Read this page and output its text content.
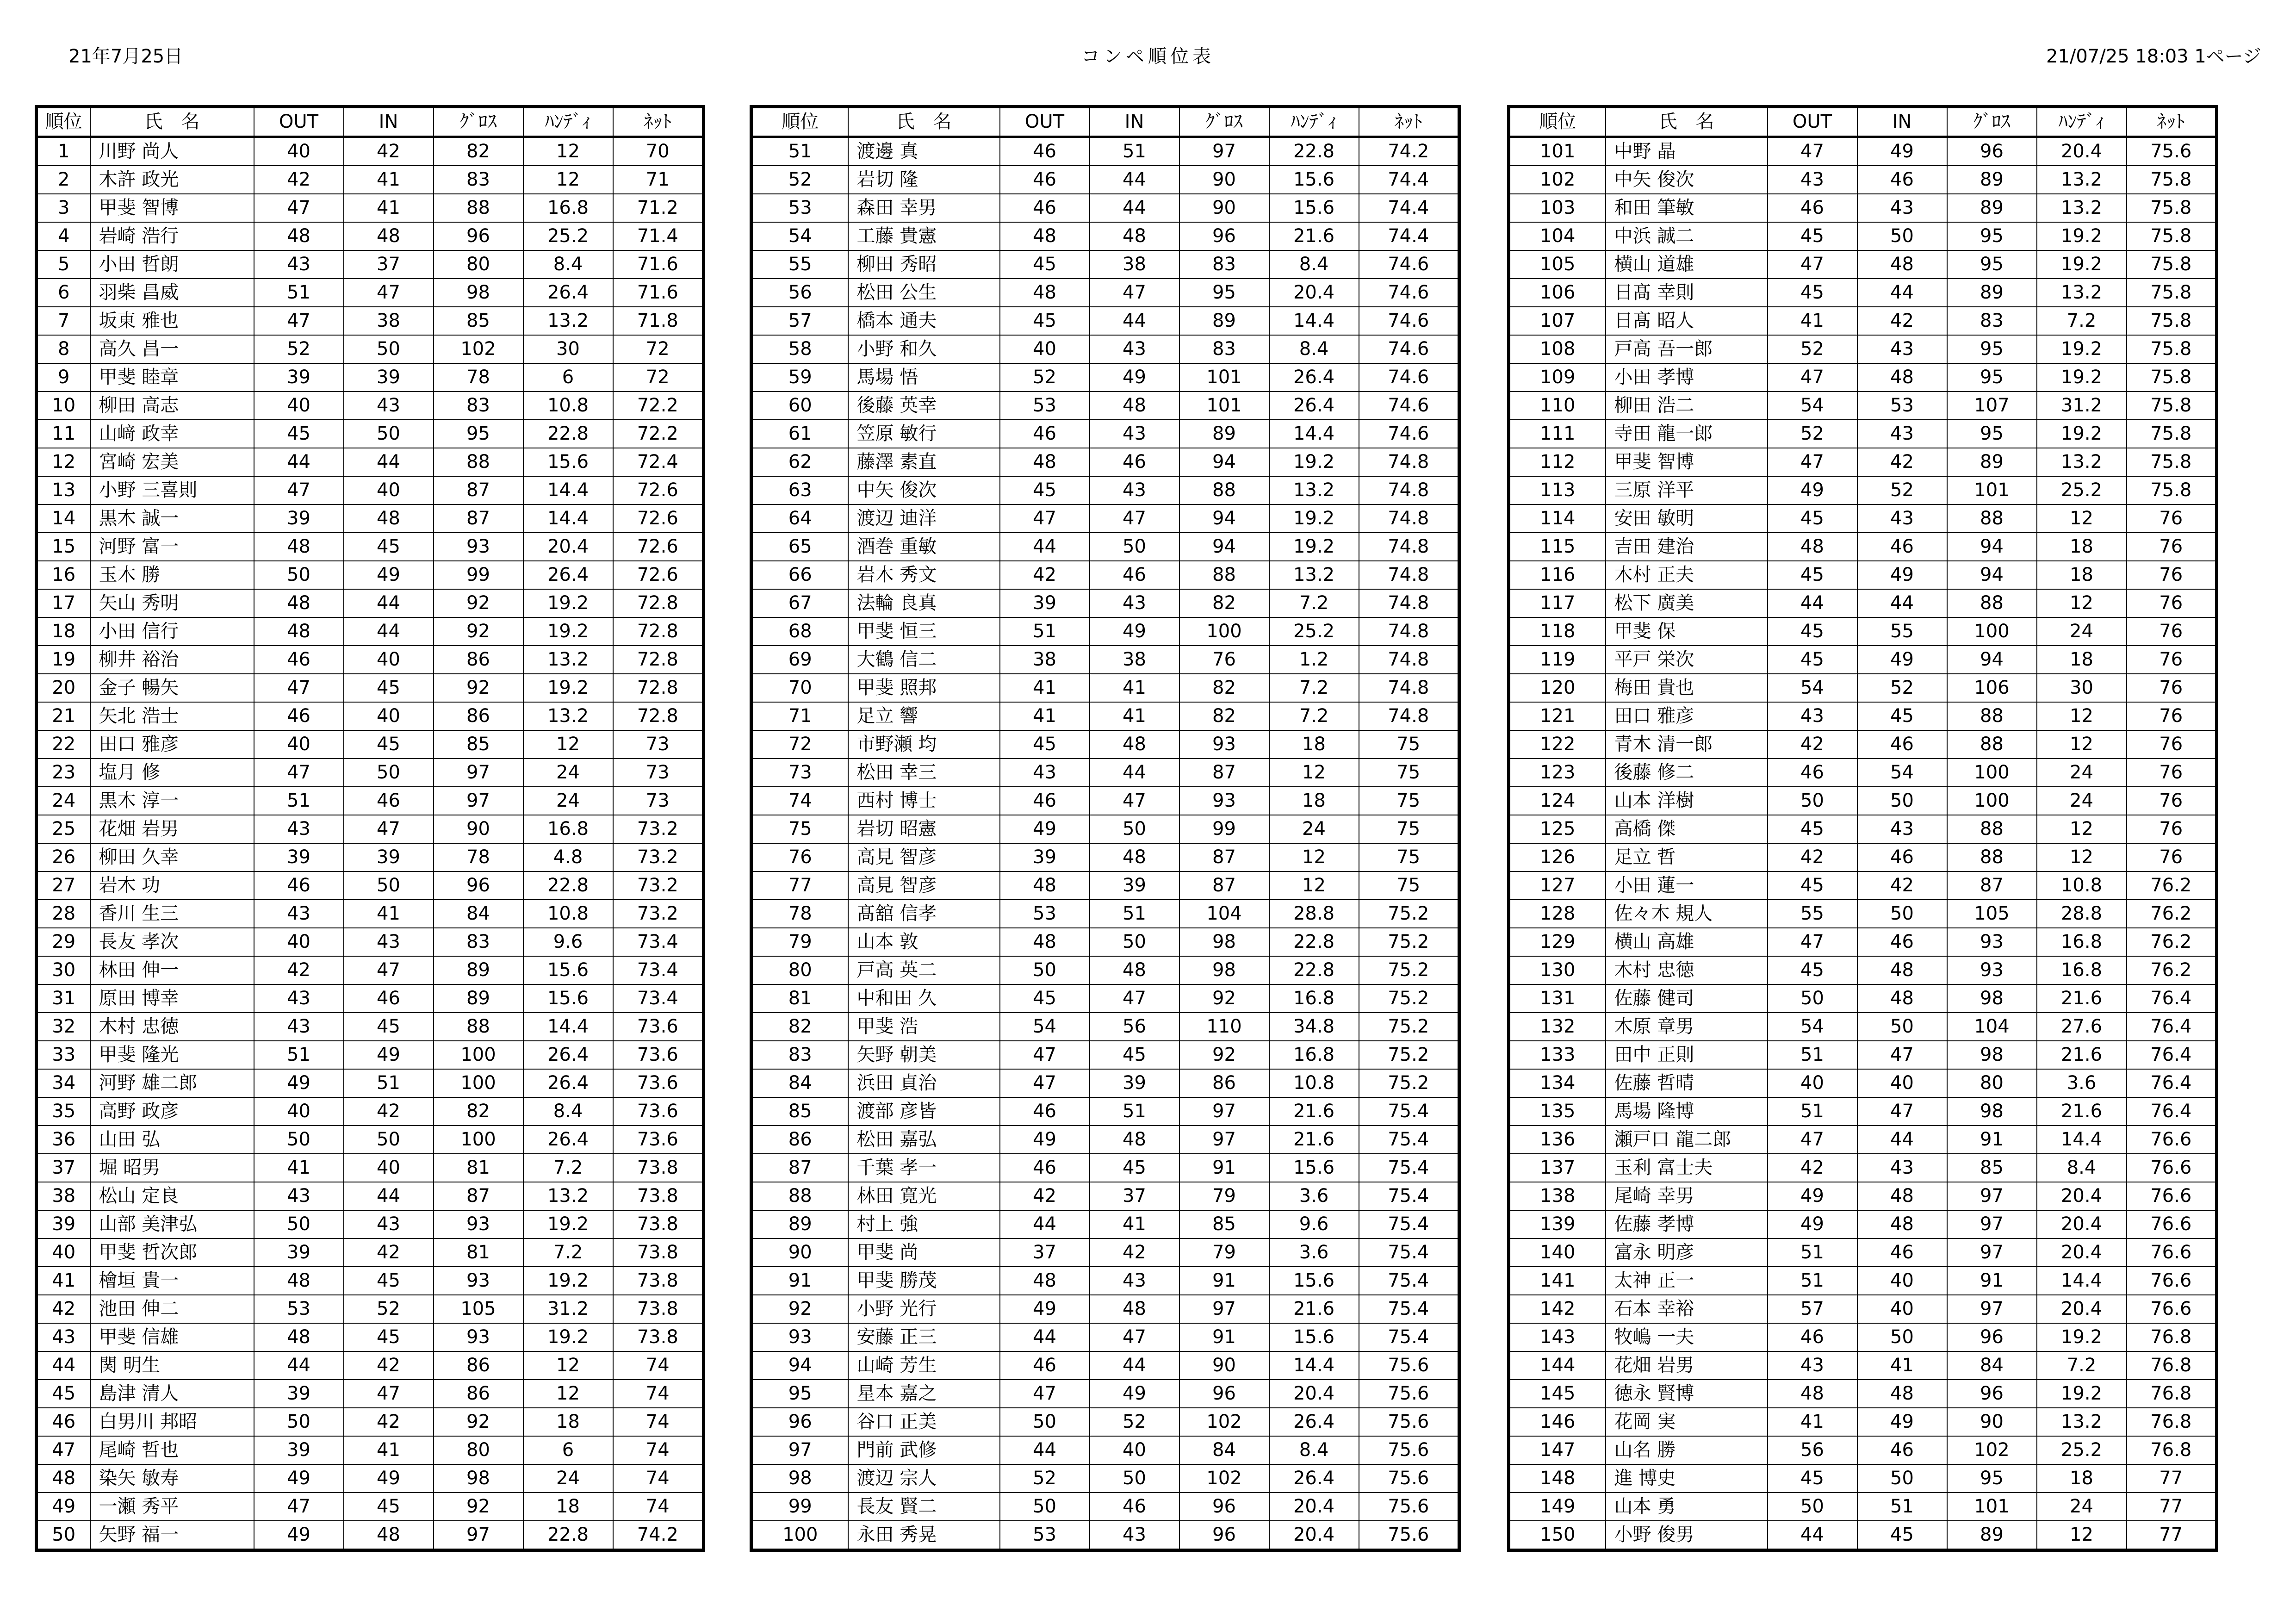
21年7月25日	コンペ順位表	21/07/25 18:03 1ページ
順位	氏　名	OUT	IN	ｸﾞﾛｽ	ﾊﾝﾃﾞｨ	ﾈｯﾄ
1	川野 尚人	40	42	82	12	70
2	木許 政光	42	41	83	12	71
3	甲斐 智博	47	41	88	16.8	71.2
4	岩崎 浩行	48	48	96	25.2	71.4
5	小田 哲朗	43	37	80	8.4	71.6
6	羽柴 昌威	51	47	98	26.4	71.6
7	坂東 雅也	47	38	85	13.2	71.8
8	高久 昌一	52	50	102	30	72
9	甲斐 睦章	39	39	78	6	72
10	柳田 高志	40	43	83	10.8	72.2
11	山﨑 政幸	45	50	95	22.8	72.2
12	宮崎 宏美	44	44	88	15.6	72.4
13	小野 三喜則	47	40	87	14.4	72.6
14	黒木 誠一	39	48	87	14.4	72.6
15	河野 富一	48	45	93	20.4	72.6
16	玉木 勝	50	49	99	26.4	72.6
17	矢山 秀明	48	44	92	19.2	72.8
18	小田 信行	48	44	92	19.2	72.8
19	柳井 裕治	46	40	86	13.2	72.8
20	金子 暢矢	47	45	92	19.2	72.8
21	矢北 浩士	46	40	86	13.2	72.8
22	田口 雅彦	40	45	85	12	73
23	塩月 修	47	50	97	24	73
24	黒木 淳一	51	46	97	24	73
25	花畑 岩男	43	47	90	16.8	73.2
26	柳田 久幸	39	39	78	4.8	73.2
27	岩木 功	46	50	96	22.8	73.2
28	香川 生三	43	41	84	10.8	73.2
29	長友 孝次	40	43	83	9.6	73.4
30	林田 伸一	42	47	89	15.6	73.4
31	原田 博幸	43	46	89	15.6	73.4
32	木村 忠徳	43	45	88	14.4	73.6
33	甲斐 隆光	51	49	100	26.4	73.6
34	河野 雄二郎	49	51	100	26.4	73.6
35	高野 政彦	40	42	82	8.4	73.6
36	山田 弘	50	50	100	26.4	73.6
37	堀 昭男	41	40	81	7.2	73.8
38	松山 定良	43	44	87	13.2	73.8
39	山部 美津弘	50	43	93	19.2	73.8
40	甲斐 哲次郎	39	42	81	7.2	73.8
41	檜垣 貴一	48	45	93	19.2	73.8
42	池田 伸二	53	52	105	31.2	73.8
43	甲斐 信雄	48	45	93	19.2	73.8
44	関 明生	44	42	86	12	74
45	島津 清人	39	47	86	12	74
46	白男川 邦昭	50	42	92	18	74
47	尾崎 哲也	39	41	80	6	74
48	染矢 敏寿	49	49	98	24	74
49	一瀬 秀平	47	45	92	18	74
50	矢野 福一	49	48	97	22.8	74.2
順位	氏　名	OUT	IN	ｸﾞﾛｽ	ﾊﾝﾃﾞｨ	ﾈｯﾄ
51	渡邊 真	46	51	97	22.8	74.2
52	岩切 隆	46	44	90	15.6	74.4
53	森田 幸男	46	44	90	15.6	74.4
54	工藤 貴憲	48	48	96	21.6	74.4
55	柳田 秀昭	45	38	83	8.4	74.6
56	松田 公生	48	47	95	20.4	74.6
57	橋本 通夫	45	44	89	14.4	74.6
58	小野 和久	40	43	83	8.4	74.6
59	馬場 悟	52	49	101	26.4	74.6
60	後藤 英幸	53	48	101	26.4	74.6
61	笠原 敏行	46	43	89	14.4	74.6
62	藤澤 素直	48	46	94	19.2	74.8
63	中矢 俊次	45	43	88	13.2	74.8
64	渡辺 迪洋	47	47	94	19.2	74.8
65	酒巻 重敏	44	50	94	19.2	74.8
66	岩木 秀文	42	46	88	13.2	74.8
67	法輪 良真	39	43	82	7.2	74.8
68	甲斐 恒三	51	49	100	25.2	74.8
69	大鶴 信二	38	38	76	1.2	74.8
70	甲斐 照邦	41	41	82	7.2	74.8
71	足立 響	41	41	82	7.2	74.8
72	市野瀬 均	45	48	93	18	75
73	松田 幸三	43	44	87	12	75
74	西村 博士	46	47	93	18	75
75	岩切 昭憲	49	50	99	24	75
76	高見 智彦	39	48	87	12	75
77	高見 智彦	48	39	87	12	75
78	髙舘 信孝	53	51	104	28.8	75.2
79	山本 敦	48	50	98	22.8	75.2
80	戸高 英二	50	48	98	22.8	75.2
81	中和田 久	45	47	92	16.8	75.2
82	甲斐 浩	54	56	110	34.8	75.2
83	矢野 朝美	47	45	92	16.8	75.2
84	浜田 貞治	47	39	86	10.8	75.2
85	渡部 彦皆	46	51	97	21.6	75.4
86	松田 嘉弘	49	48	97	21.6	75.4
87	千葉 孝一	46	45	91	15.6	75.4
88	林田 寛光	42	37	79	3.6	75.4
89	村上 強	44	41	85	9.6	75.4
90	甲斐 尚	37	42	79	3.6	75.4
91	甲斐 勝茂	48	43	91	15.6	75.4
92	小野 光行	49	48	97	21.6	75.4
93	安藤 正三	44	47	91	15.6	75.4
94	山崎 芳生	46	44	90	14.4	75.6
95	星本 嘉之	47	49	96	20.4	75.6
96	谷口 正美	50	52	102	26.4	75.6
97	門前 武修	44	40	84	8.4	75.6
98	渡辺 宗人	52	50	102	26.4	75.6
99	長友 賢二	50	46	96	20.4	75.6
100	永田 秀晃	53	43	96	20.4	75.6
順位	氏　名	OUT	IN	ｸﾞﾛｽ	ﾊﾝﾃﾞｨ	ﾈｯﾄ
101	中野 晶	47	49	96	20.4	75.6
102	中矢 俊次	43	46	89	13.2	75.8
103	和田 筆敏	46	43	89	13.2	75.8
104	中浜 誠二	45	50	95	19.2	75.8
105	横山 道雄	47	48	95	19.2	75.8
106	日髙 幸則	45	44	89	13.2	75.8
107	日髙 昭人	41	42	83	7.2	75.8
108	戸高 吾一郎	52	43	95	19.2	75.8
109	小田 孝博	47	48	95	19.2	75.8
110	柳田 浩二	54	53	107	31.2	75.8
111	寺田 龍一郎	52	43	95	19.2	75.8
112	甲斐 智博	47	42	89	13.2	75.8
113	三原 洋平	49	52	101	25.2	75.8
114	安田 敏明	45	43	88	12	76
115	吉田 建治	48	46	94	18	76
116	木村 正夫	45	49	94	18	76
117	松下 廣美	44	44	88	12	76
118	甲斐 保	45	55	100	24	76
119	平戸 栄次	45	49	94	18	76
120	梅田 貴也	54	52	106	30	76
121	田口 雅彦	43	45	88	12	76
122	青木 清一郎	42	46	88	12	76
123	後藤 修二	46	54	100	24	76
124	山本 洋樹	50	50	100	24	76
125	高橋 傑	45	43	88	12	76
126	足立 哲	42	46	88	12	76
127	小田 蓮一	45	42	87	10.8	76.2
128	佐々木 規人	55	50	105	28.8	76.2
129	横山 高雄	47	46	93	16.8	76.2
130	木村 忠徳	45	48	93	16.8	76.2
131	佐藤 健司	50	48	98	21.6	76.4
132	木原 章男	54	50	104	27.6	76.4
133	田中 正則	51	47	98	21.6	76.4
134	佐藤 哲晴	40	40	80	3.6	76.4
135	馬場 隆博	51	47	98	21.6	76.4
136	瀬戸口 龍二郎	47	44	91	14.4	76.6
137	玉利 富士夫	42	43	85	8.4	76.6
138	尾崎 幸男	49	48	97	20.4	76.6
139	佐藤 孝博	49	48	97	20.4	76.6
140	富永 明彦	51	46	97	20.4	76.6
141	太神 正一	51	40	91	14.4	76.6
142	石本 幸裕	57	40	97	20.4	76.6
143	牧嶋 一夫	46	50	96	19.2	76.8
144	花畑 岩男	43	41	84	7.2	76.8
145	徳永 賢博	48	48	96	19.2	76.8
146	花岡 実	41	49	90	13.2	76.8
147	山名 勝	56	46	102	25.2	76.8
148	進 博史	45	50	95	18	77
149	山本 勇	50	51	101	24	77
150	小野 俊男	44	45	89	12	77
